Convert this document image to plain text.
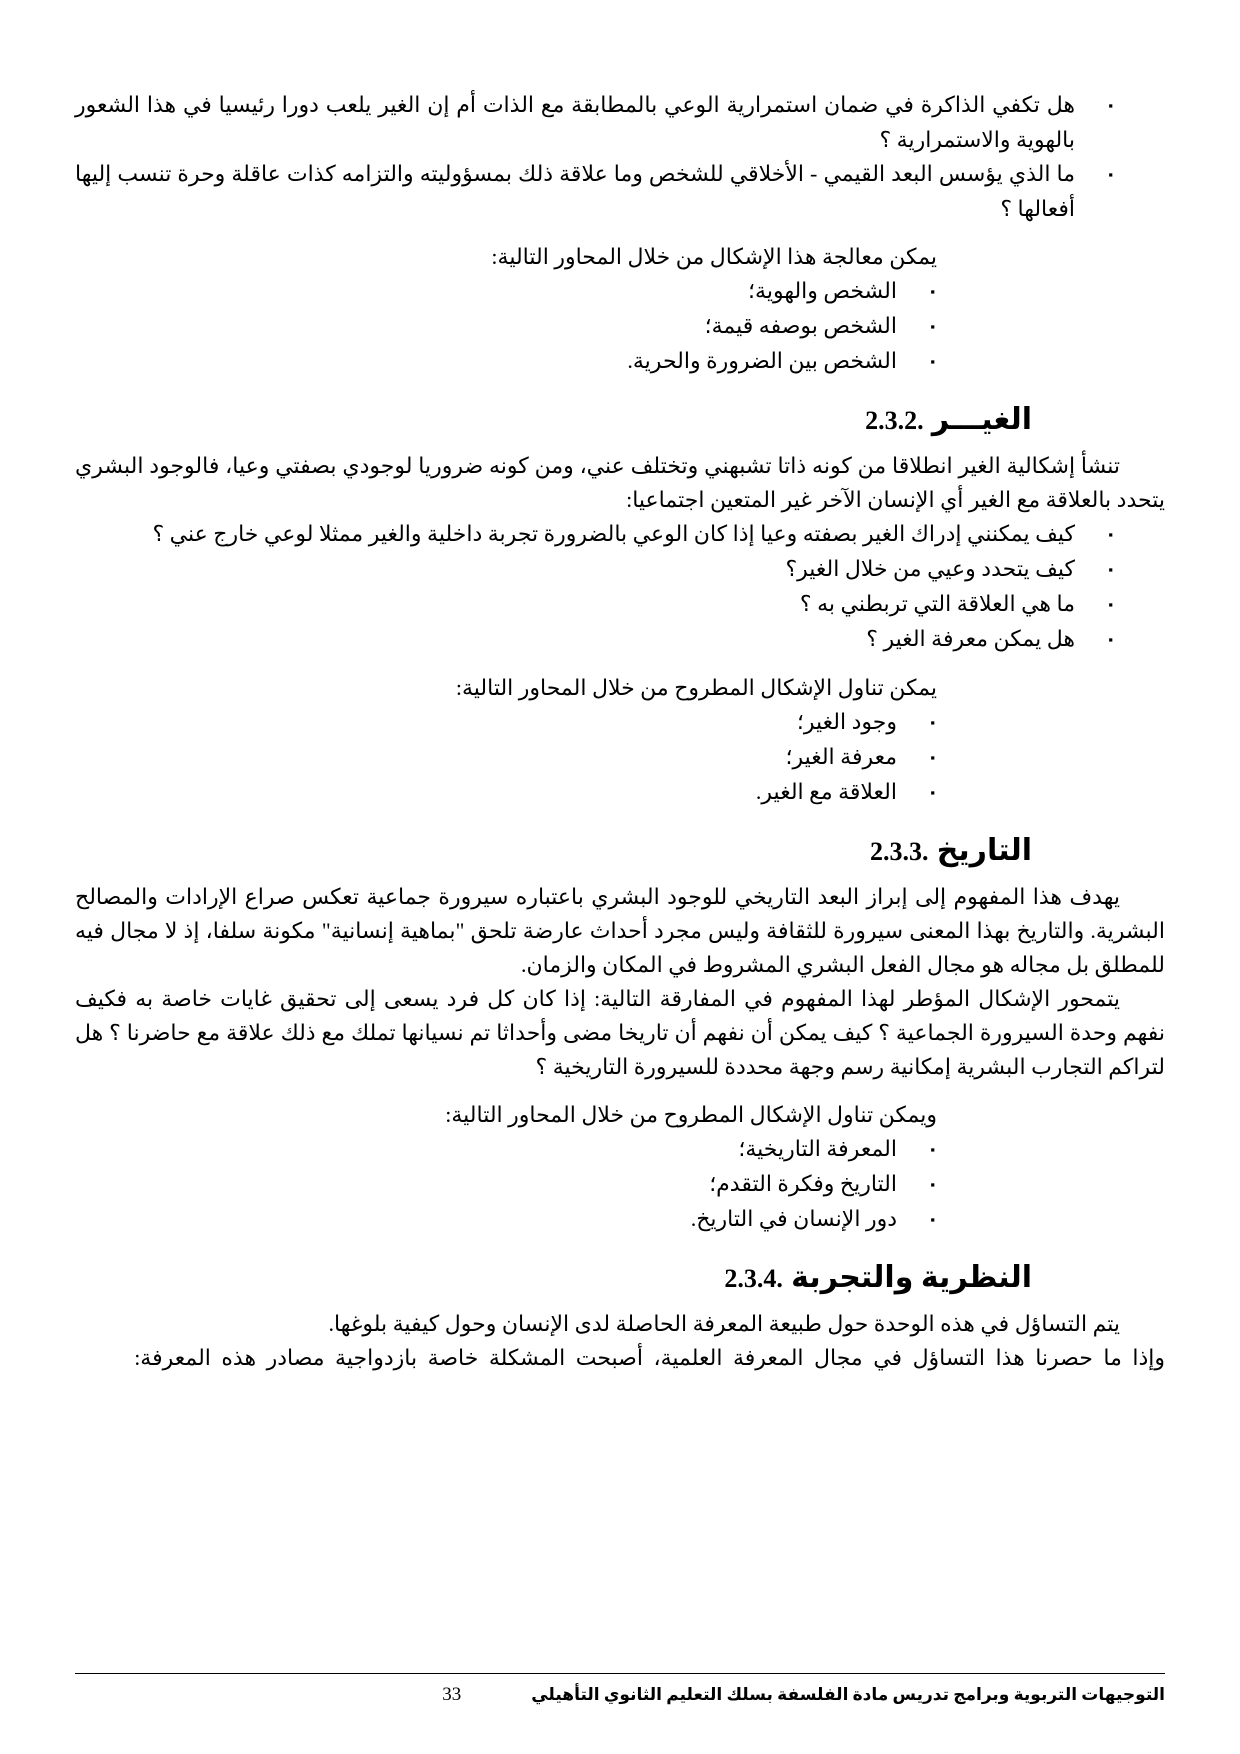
▪هل تكفي الذاكرة في ضمان استمرارية الوعي بالمطابقة مع الذات أم إن الغير يلعب دورا رئيسيا في هذا الشعور بالهوية والاستمرارية ؟
▪ما الذي يؤسس البعد القيمي - الأخلاقي للشخص وما علاقة ذلك بمسؤوليته والتزامه كذات عاقلة وحرة تنسب إليها أفعالها ؟

يمكن معالجة هذا الإشكال من خلال المحاور التالية:

▪الشخص والهوية؛
▪الشخص بوصفه قيمة؛
▪الشخص بين الضرورة والحرية.
2.3.2. الغيـــر

تنشأ إشكالية الغير انطلاقا من كونه ذاتا تشبهني وتختلف عني، ومن كونه ضروريا لوجودي بصفتي وعيا، فالوجود البشري يتحدد بالعلاقة مع الغير أي الإنسان الآخر غير المتعين اجتماعيا:

▪كيف يمكنني إدراك الغير بصفته وعيا إذا كان الوعي بالضرورة تجربة داخلية والغير ممثلا لوعي خارج عني ؟
▪كيف يتحدد وعيي من خلال الغير؟
▪ما هي العلاقة التي تربطني به ؟
▪هل يمكن معرفة الغير ؟

يمكن تناول الإشكال المطروح من خلال المحاور التالية:

▪وجود الغير؛
▪معرفة الغير؛
▪العلاقة مع الغير.
2.3.3. التاريخ

يهدف هذا المفهوم إلى إبراز البعد التاريخي للوجود البشري باعتباره سيرورة جماعية تعكس صراع الإرادات والمصالح البشرية. والتاريخ بهذا المعنى سيرورة للثقافة وليس مجرد أحداث عارضة تلحق "بماهية إنسانية" مكونة سلفا، إذ لا مجال فيه للمطلق بل مجاله هو مجال الفعل البشري المشروط في المكان والزمان.

يتمحور الإشكال المؤطر لهذا المفهوم في المفارقة التالية: إذا كان كل فرد يسعى إلى تحقيق غايات خاصة به فكيف نفهم وحدة السيرورة الجماعية ؟ كيف يمكن أن نفهم أن تاريخا مضى وأحداثا تم نسيانها تملك مع ذلك علاقة مع حاضرنا ؟ هل لتراكم التجارب البشرية إمكانية رسم وجهة محددة للسيرورة التاريخية ؟

ويمكن تناول الإشكال المطروح من خلال المحاور التالية:

▪المعرفة التاريخية؛
▪التاريخ وفكرة التقدم؛
▪دور الإنسان في التاريخ.
2.3.4. النظرية والتجربة

يتم التساؤل في هذه الوحدة حول طبيعة المعرفة الحاصلة لدى الإنسان وحول كيفية بلوغها.

وإذا ما حصرنا هذا التساؤل في مجال المعرفة العلمية، أصبحت المشكلة خاصة بازدواجية مصادر هذه المعرفة:

التوجيهات التربوية وبرامج تدريس مادة الفلسفة بسلك التعليم الثانوي التأهيلي
33
